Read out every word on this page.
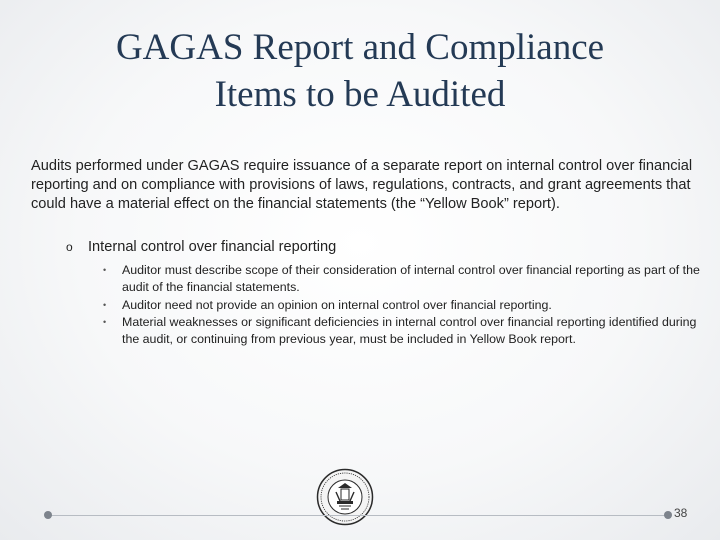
GAGAS Report and Compliance
Items to be Audited
Audits performed under GAGAS require issuance of a separate report on internal control over financial reporting and on compliance with provisions of laws, regulations, contracts, and grant agreements that could have a material effect on the financial statements (the “Yellow Book” report).
o Internal control over financial reporting
• Auditor must describe scope of their consideration of internal control over financial reporting as part of the audit of the financial statements.
• Auditor need not provide an opinion on internal control over financial reporting.
• Material weaknesses or significant deficiencies in internal control over financial reporting identified during the audit, or continuing from previous year, must be included in Yellow Book report.
38
